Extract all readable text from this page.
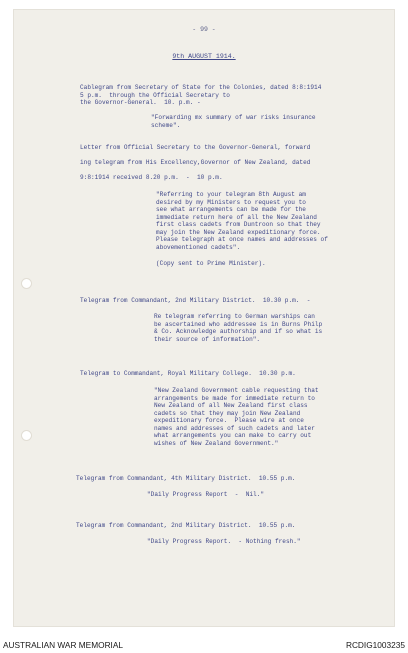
- 99 -
9th AUGUST 1914.
Cablegram from Secretary of State for the Colonies, dated 8:8:1914
5 p.m.  through the Official Secretary to
the Governor-General.  10. p.m. -
"Forwarding mx summary of war risks insurance
scheme".
Letter from Official Secretary to the Governor-General, forward
ing telegram from His Excellency,Governor of New Zealand, dated
9:8:1914 received 8.20 p.m.  -  10 p.m.
"Referring to your telegram 8th August am
desired by my Ministers to request you to
see what arrangements can be made for the
immediate return here of all the New Zealand
first class cadets from Duntroon so that they
may join the New Zealand expeditionary force.
Please telegraph at once names and addresses of
abovementioned cadets".
(Copy sent to Prime Minister).
Telegram from Commandant, 2nd Military District.  10.30 p.m.  -
Re telegram referring to German warships can
be ascertained who addressee is in Burns Philp
& Co. Acknowledge authorship and if so what is
their source of information".
Telegram to Commandant, Royal Military College.  10.30 p.m.
"New Zealand Government cable requesting that
arrangements be made for immediate return to
New Zealand of all New Zealand first class
cadets so that they may join New Zealand
expeditionary force.  Please wire at once
names and addresses of such cadets and later
what arrangements you can make to carry out
wishes of New Zealand Government."
Telegram from Commandant, 4th Military District.  10.55 p.m.
"Daily Progress Report  -  Nil."
Telegram from Commandant, 2nd Military District.  10.55 p.m.
"Daily Progress Report.  - Nothing fresh."
AUSTRALIAN WAR MEMORIAL	RCDIG1003235
